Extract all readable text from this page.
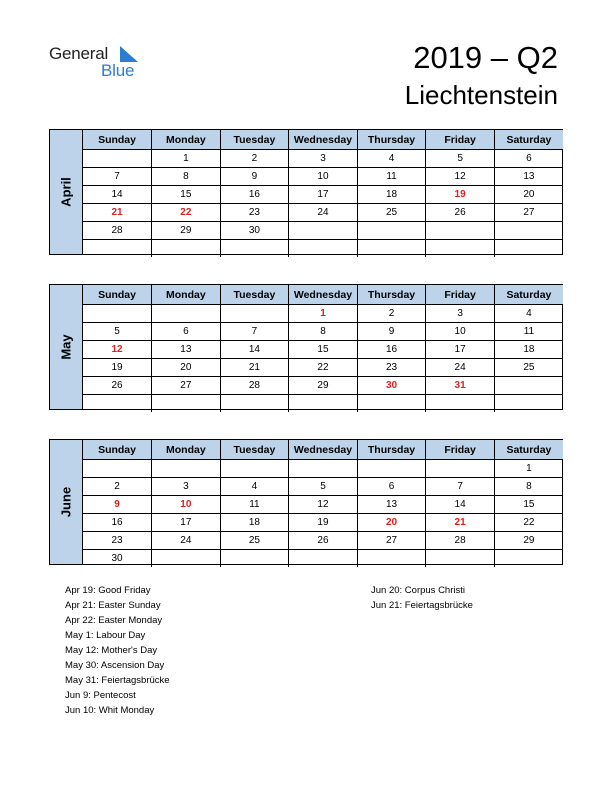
General
Blue	2019 – Q2
Liechtenstein
April
Sunday	Monday	Tuesday	Wednesday	Thursday	Friday	Saturday
	1	2	3	4	5	6
7	8	9	10	11	12	13
14	15	16	17	18	19	20
21	22	23	24	25	26	27
28	29	30				

May
Sunday	Monday	Tuesday	Wednesday	Thursday	Friday	Saturday
			1	2	3	4
5	6	7	8	9	10	11
12	13	14	15	16	17	18
19	20	21	22	23	24	25
26	27	28	29	30	31	

June
Sunday	Monday	Tuesday	Wednesday	Thursday	Friday	Saturday
						1
2	3	4	5	6	7	8
9	10	11	12	13	14	15
16	17	18	19	20	21	22
23	24	25	26	27	28	29
30						
Apr 19: Good Friday
Apr 21: Easter Sunday
Apr 22: Easter Monday
May 1: Labour Day
May 12: Mother's Day
May 30: Ascension Day
May 31: Feiertagsbrücke
Jun 9: Pentecost
Jun 10: Whit Monday
Jun 20: Corpus Christi
Jun 21: Feiertagsbrücke
